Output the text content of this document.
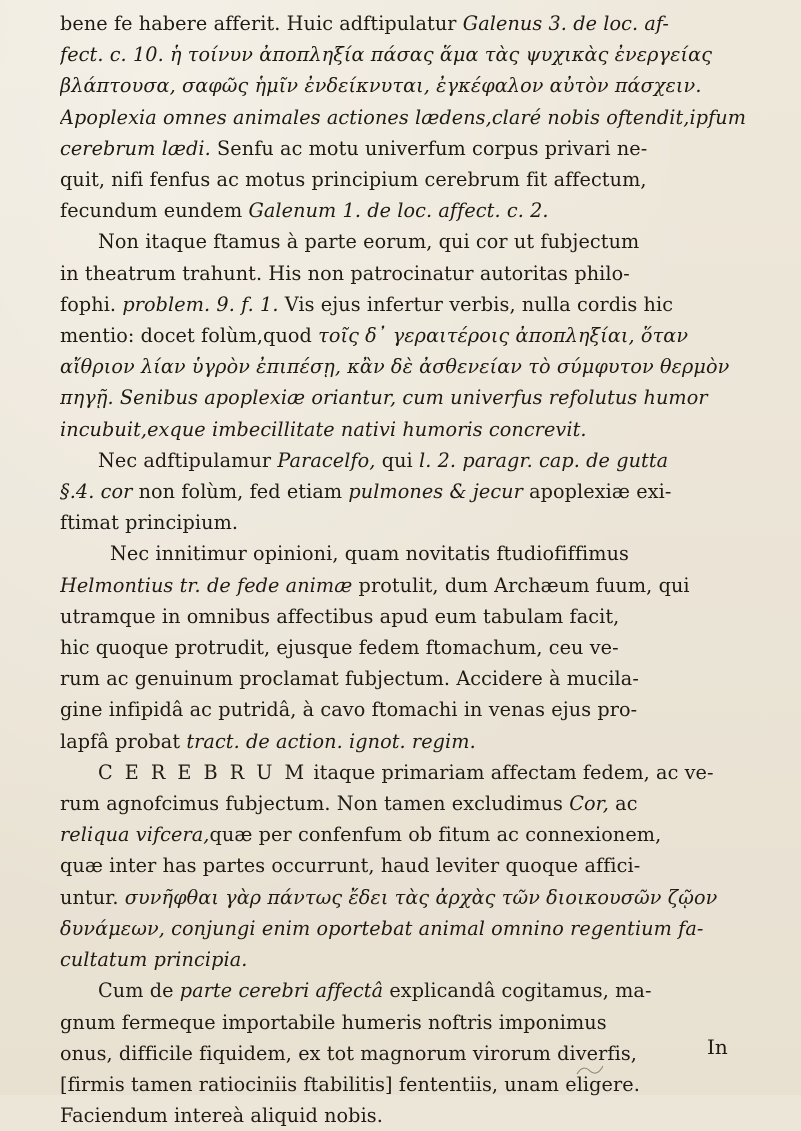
bene fe habere afferit. Huic adftipulatur Galenus 3. de loc. af-
fect. c. 10. ἡ τοίνυν ἀποπληξία πάσας ἅμα τὰς ψυχικὰς ἐνεργείας
βλάπτουσα, σαφῶς ἡμῖν ἐνδείκνυται, ἐγκέφαλον αὐτὸν πάσχειν.
Apoplexia omnes animales actiones lædens,claré nobis oftendit,ipfum
cerebrum lædi. Senfu ac motu univerfum corpus privari ne-
quit, nifi fenfus ac motus principium cerebrum fit affectum,
fecundum eundem Galenum 1. de loc. affect. c. 2.
Non itaque ftamus à parte eorum, qui cor ut fubjectum
in theatrum trahunt. His non patrocinatur autoritas philo-
fophi. problem. 9. f. 1. Vis ejus infertur verbis, nulla cordis hic
mentio: docet folùm,quod τοῖς δ᾽ γεραιτέροις ἀποπληξίαι, ὅταν
αἴθριον λίαν ὑγρὸν ἐπιπέσῃ, κἂν δὲ ἀσθενείαν τὸ σύμφυτον θερμὸν
πηγῇ. Senibus apoplexiæ oriantur, cum univerfus refolutus humor
incubuit,exque imbecillitate nativi humoris concrevit.
Nec adftipulamur Paracelfo, qui l. 2. paragr. cap. de gutta
§.4. cor non folùm, fed etiam pulmones & jecur apoplexiæ exi-
ftimat principium.
Nec innitimur opinioni, quam novitatis ftudiofiffimus
Helmontius tr. de fede animæ protulit, dum Archæum fuum, qui
utramque in omnibus affectibus apud eum tabulam facit,
hic quoque protrudit, ejusque fedem ftomachum, ceu ve-
rum ac genuinum proclamat fubjectum. Accidere à mucila-
gine infipidâ ac putridâ, à cavo ftomachi in venas ejus pro-
lapfâ probat tract. de action. ignot. regim.
C E R E B R U M itaque primariam affectam fedem, ac ve-
rum agnofcimus fubjectum. Non tamen excludimus Cor, ac
reliqua vifcera,quæ per confenfum ob fitum ac connexionem,
quæ inter has partes occurrunt, haud leviter quoque affici-
untur. συνῆφθαι γὰρ πάντως ἔδει τὰς ἀρχὰς τῶν διοικουσῶν ζῷον
δυνάμεων, conjungi enim oportebat animal omnino regentium fa-
cultatum principia.
Cum de parte cerebri affectâ explicandâ cogitamus, ma-
gnum fermeque importabile humeris noftris imponimus
onus, difficile fiquidem, ex tot magnorum virorum diverfis,
[firmis tamen ratiociniis ftabilitis] fententiis, unam eligere.
Faciendum intereà aliquid nobis.
In
